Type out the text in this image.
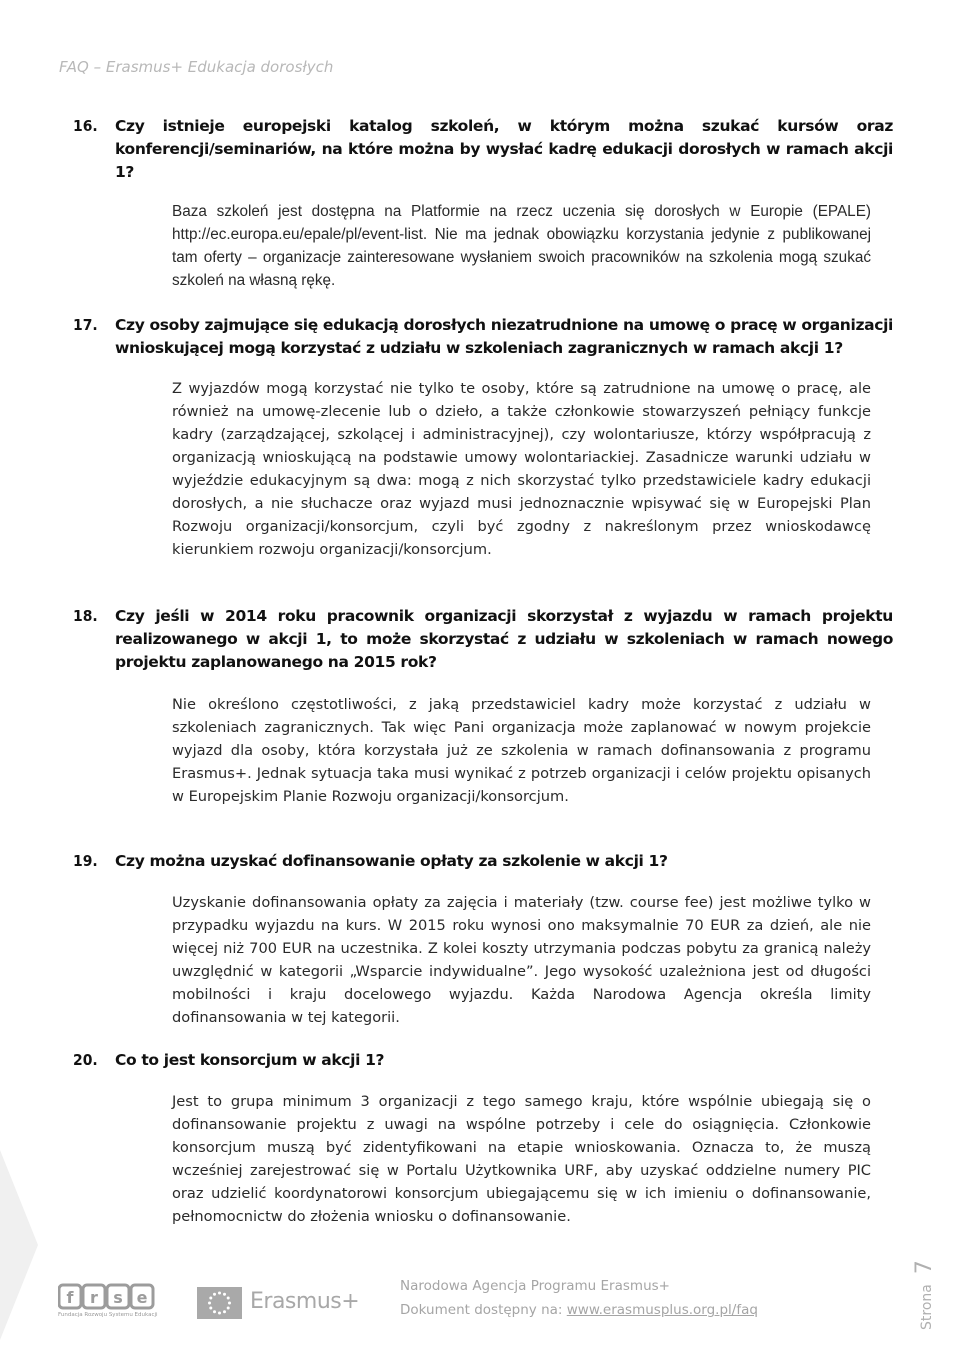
FAQ – Erasmus+ Edukacja dorosłych
16.	Czy istnieje europejski katalog szkoleń, w którym można szukać kursów oraz konferencji/seminariów, na które można by wysłać kadrę edukacji dorosłych w ramach akcji 1?
Baza szkoleń jest dostępna na Platformie na rzecz uczenia się dorosłych w Europie (EPALE) http://ec.europa.eu/epale/pl/event-list. Nie ma jednak obowiązku korzystania jedynie z publikowanej tam oferty – organizacje zainteresowane wysłaniem swoich pracowników na szkolenia mogą szukać szkoleń na własną rękę.
17.	Czy osoby zajmujące się edukacją dorosłych niezatrudnione na umowę o pracę w organizacji wnioskującej mogą korzystać z udziału w szkoleniach zagranicznych w ramach akcji 1?
Z wyjazdów mogą korzystać nie tylko te osoby, które są zatrudnione na umowę o pracę, ale również na umowę-zlecenie lub o dzieło, a także członkowie stowarzyszeń pełniący funkcje kadry (zarządzającej, szkolącej i administracyjnej), czy wolontariusze, którzy współpracują z organizacją wnioskującą na podstawie umowy wolontariackiej. Zasadnicze warunki udziału w wyjeździe edukacyjnym są dwa: mogą z nich skorzystać tylko przedstawiciele kadry edukacji dorosłych, a nie słuchacze oraz wyjazd musi jednoznacznie wpisywać się w Europejski Plan Rozwoju organizacji/konsorcjum, czyli być zgodny z nakreślonym przez wnioskodawcę kierunkiem rozwoju organizacji/konsorcjum.
18.	Czy jeśli w 2014 roku pracownik organizacji skorzystał z wyjazdu w ramach projektu realizowanego w akcji 1, to może skorzystać z udziału w szkoleniach w ramach nowego projektu zaplanowanego na 2015 rok?
Nie określono częstotliwości, z jaką przedstawiciel kadry może korzystać z udziału w szkoleniach zagranicznych. Tak więc Pani organizacja może zaplanować w nowym projekcie wyjazd dla osoby, która korzystała już ze szkolenia w ramach dofinansowania z programu Erasmus+. Jednak sytuacja taka musi wynikać z potrzeb organizacji i celów projektu opisanych w Europejskim Planie Rozwoju organizacji/konsorcjum.
19.	Czy można uzyskać dofinansowanie opłaty za szkolenie w akcji 1?
Uzyskanie dofinansowania opłaty za zajęcia i materiały (tzw. course fee) jest możliwe tylko w przypadku wyjazdu na kurs. W 2015 roku wynosi ono maksymalnie 70 EUR za dzień, ale nie więcej niż 700 EUR na uczestnika. Z kolei koszty utrzymania podczas pobytu za granicą należy uwzględnić w kategorii „Wsparcie indywidualne”. Jego wysokość uzależniona jest od długości mobilności i kraju docelowego wyjazdu. Każda Narodowa Agencja określa limity dofinansowania w tej kategorii.
20.	Co to jest konsorcjum w akcji 1?
Jest to grupa minimum 3 organizacji z tego samego kraju, które wspólnie ubiegają się o dofinansowanie projektu z uwagi na wspólne potrzeby i cele do osiągnięcia. Członkowie konsorcjum muszą być zidentyfikowani na etapie wnioskowania. Oznacza to, że muszą wcześniej zarejestrować się w Portalu Użytkownika URF, aby uzyskać oddzielne numery PIC oraz udzielić koordynatorowi konsorcjum ubiegającemu się w ich imieniu o dofinansowanie, pełnomocnictw do złożenia wniosku o dofinansowanie.
f r s e
Fundacja Rozwoju Systemu Edukacji
Erasmus+
Narodowa Agencja Programu Erasmus+
Dokument dostępny na: www.erasmusplus.org.pl/faq	Strona7
